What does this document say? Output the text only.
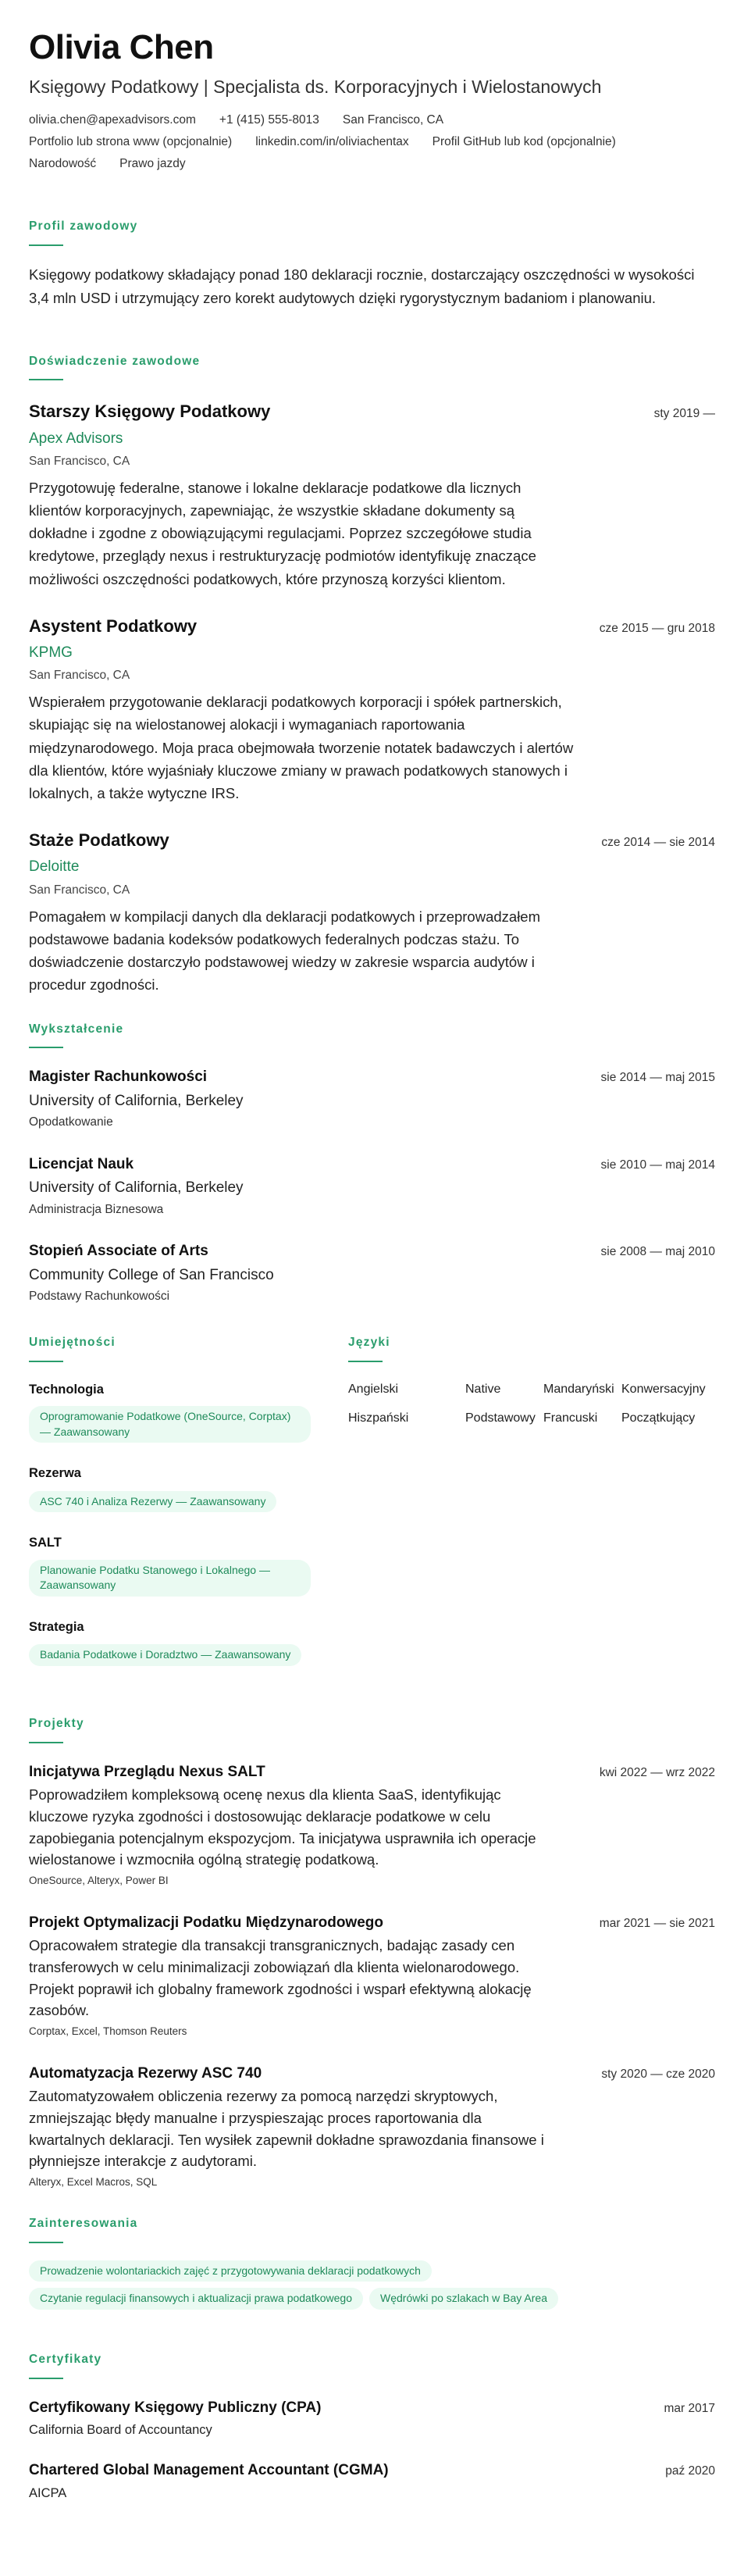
Olivia Chen
Księgowy Podatkowy | Specjalista ds. Korporacyjnych i Wielostanowych
olivia.chen@apexadvisors.com +1 (415) 555-8013 San Francisco, CA
Portfolio lub strona www (opcjonalnie) linkedin.com/in/oliviachentax Profil GitHub lub kod (opcjonalnie)
Narodowość Prawo jazdy
Profil zawodowy

Księgowy podatkowy składający ponad 180 deklaracji rocznie, dostarczający oszczędności w wysokości 3,4 mln USD i utrzymujący zero korekt audytowych dzięki rygorystycznym badaniom i planowaniu.

Doświadczenie zawodowe
Starszy Księgowy Podatkowy	sty 2019 —
Apex Advisors
San Francisco, CA

Przygotowuję federalne, stanowe i lokalne deklaracje podatkowe dla licznych klientów korporacyjnych, zapewniając, że wszystkie składane dokumenty są dokładne i zgodne z obowiązującymi regulacjami. Poprzez szczegółowe studia kredytowe, przeglądy nexus i restrukturyzację podmiotów identyfikuję znaczące możliwości oszczędności podatkowych, które przynoszą korzyści klientom.

Asystent Podatkowy	cze 2015 — gru 2018
KPMG
San Francisco, CA

Wspierałem przygotowanie deklaracji podatkowych korporacji i spółek partnerskich, skupiając się na wielostanowej alokacji i wymaganiach raportowania międzynarodowego. Moja praca obejmowała tworzenie notatek badawczych i alertów dla klientów, które wyjaśniały kluczowe zmiany w prawach podatkowych stanowych i lokalnych, a także wytyczne IRS.

Staże Podatkowy	cze 2014 — sie 2014
Deloitte
San Francisco, CA

Pomagałem w kompilacji danych dla deklaracji podatkowych i przeprowadzałem podstawowe badania kodeksów podatkowych federalnych podczas stażu. To doświadczenie dostarczyło podstawowej wiedzy w zakresie wsparcia audytów i procedur zgodności.

Wykształcenie
Magister Rachunkowości	sie 2014 — maj 2015
University of California, Berkeley
Opodatkowanie
Licencjat Nauk	sie 2010 — maj 2014
University of California, Berkeley
Administracja Biznesowa
Stopień Associate of Arts	sie 2008 — maj 2010
Community College of San Francisco
Podstawy Rachunkowości
Umiejętności
Technologia
Oprogramowanie Podatkowe (OneSource, Corptax) — Zaawansowany
Rezerwa
ASC 740 i Analiza Rezerwy — Zaawansowany
SALT
Planowanie Podatku Stanowego i Lokalnego — Zaawansowany
Strategia
Badania Podatkowe i Doradztwo — Zaawansowany
Języki
Angielski	Native	Mandaryński Konwersacyjny
Hiszpański	Podstawowy Francuski	Początkujący
Projekty
Inicjatywa Przeglądu Nexus SALT	kwi 2022 — wrz 2022

Poprowadziłem kompleksową ocenę nexus dla klienta SaaS, identyfikując kluczowe ryzyka zgodności i dostosowując deklaracje podatkowe w celu zapobiegania potencjalnym ekspozycjom. Ta inicjatywa usprawniła ich operacje wielostanowe i wzmocniła ogólną strategię podatkową.

OneSource, Alteryx, Power BI
Projekt Optymalizacji Podatku Międzynarodowego	mar 2021 — sie 2021

Opracowałem strategie dla transakcji transgranicznych, badając zasady cen transferowych w celu minimalizacji zobowiązań dla klienta wielonarodowego. Projekt poprawił ich globalny framework zgodności i wsparł efektywną alokację zasobów.

Corptax, Excel, Thomson Reuters
Automatyzacja Rezerwy ASC 740	sty 2020 — cze 2020

Zautomatyzowałem obliczenia rezerwy za pomocą narzędzi skryptowych, zmniejszając błędy manualne i przyspieszając proces raportowania dla kwartalnych deklaracji. Ten wysiłek zapewnił dokładne sprawozdania finansowe i płynniejsze interakcje z audytorami.

Alteryx, Excel Macros, SQL
Zainteresowania
Prowadzenie wolontariackich zajęć z przygotowywania deklaracji podatkowych
Czytanie regulacji finansowych i aktualizacji prawa podatkowego	Wędrówki po szlakach w Bay Area
Certyfikaty
Certyfikowany Księgowy Publiczny (CPA)	mar 2017
California Board of Accountancy
Chartered Global Management Accountant (CGMA)	paź 2020
AICPA
